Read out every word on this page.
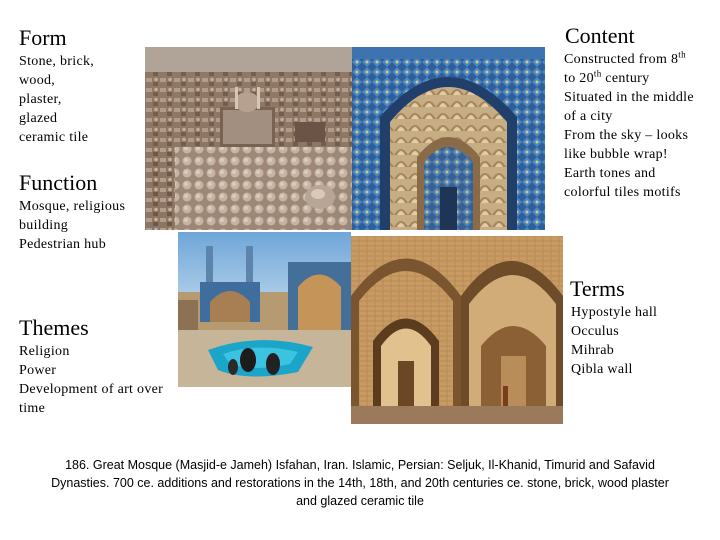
Form
Stone, brick,
wood,
plaster,
glazed
ceramic tile
Function
Mosque, religious
building
Pedestrian hub
Themes
Religion
Power
Development of art over
time
Content
Constructed from 8th
to 20th century
Situated in the middle
of a city
From the sky – looks
like bubble wrap!
Earth tones and
colorful tiles motifs
Terms
Hypostyle hall
Occulus
Mihrab
Qibla wall
186. Great Mosque (Masjid-e Jameh) Isfahan, Iran. Islamic, Persian: Seljuk, Il-Khanid, Timurid and Safavid Dynasties. 700 ce. additions and restorations in the 14th, 18th, and 20th centuries ce. stone, brick, wood plaster and glazed ceramic tile
